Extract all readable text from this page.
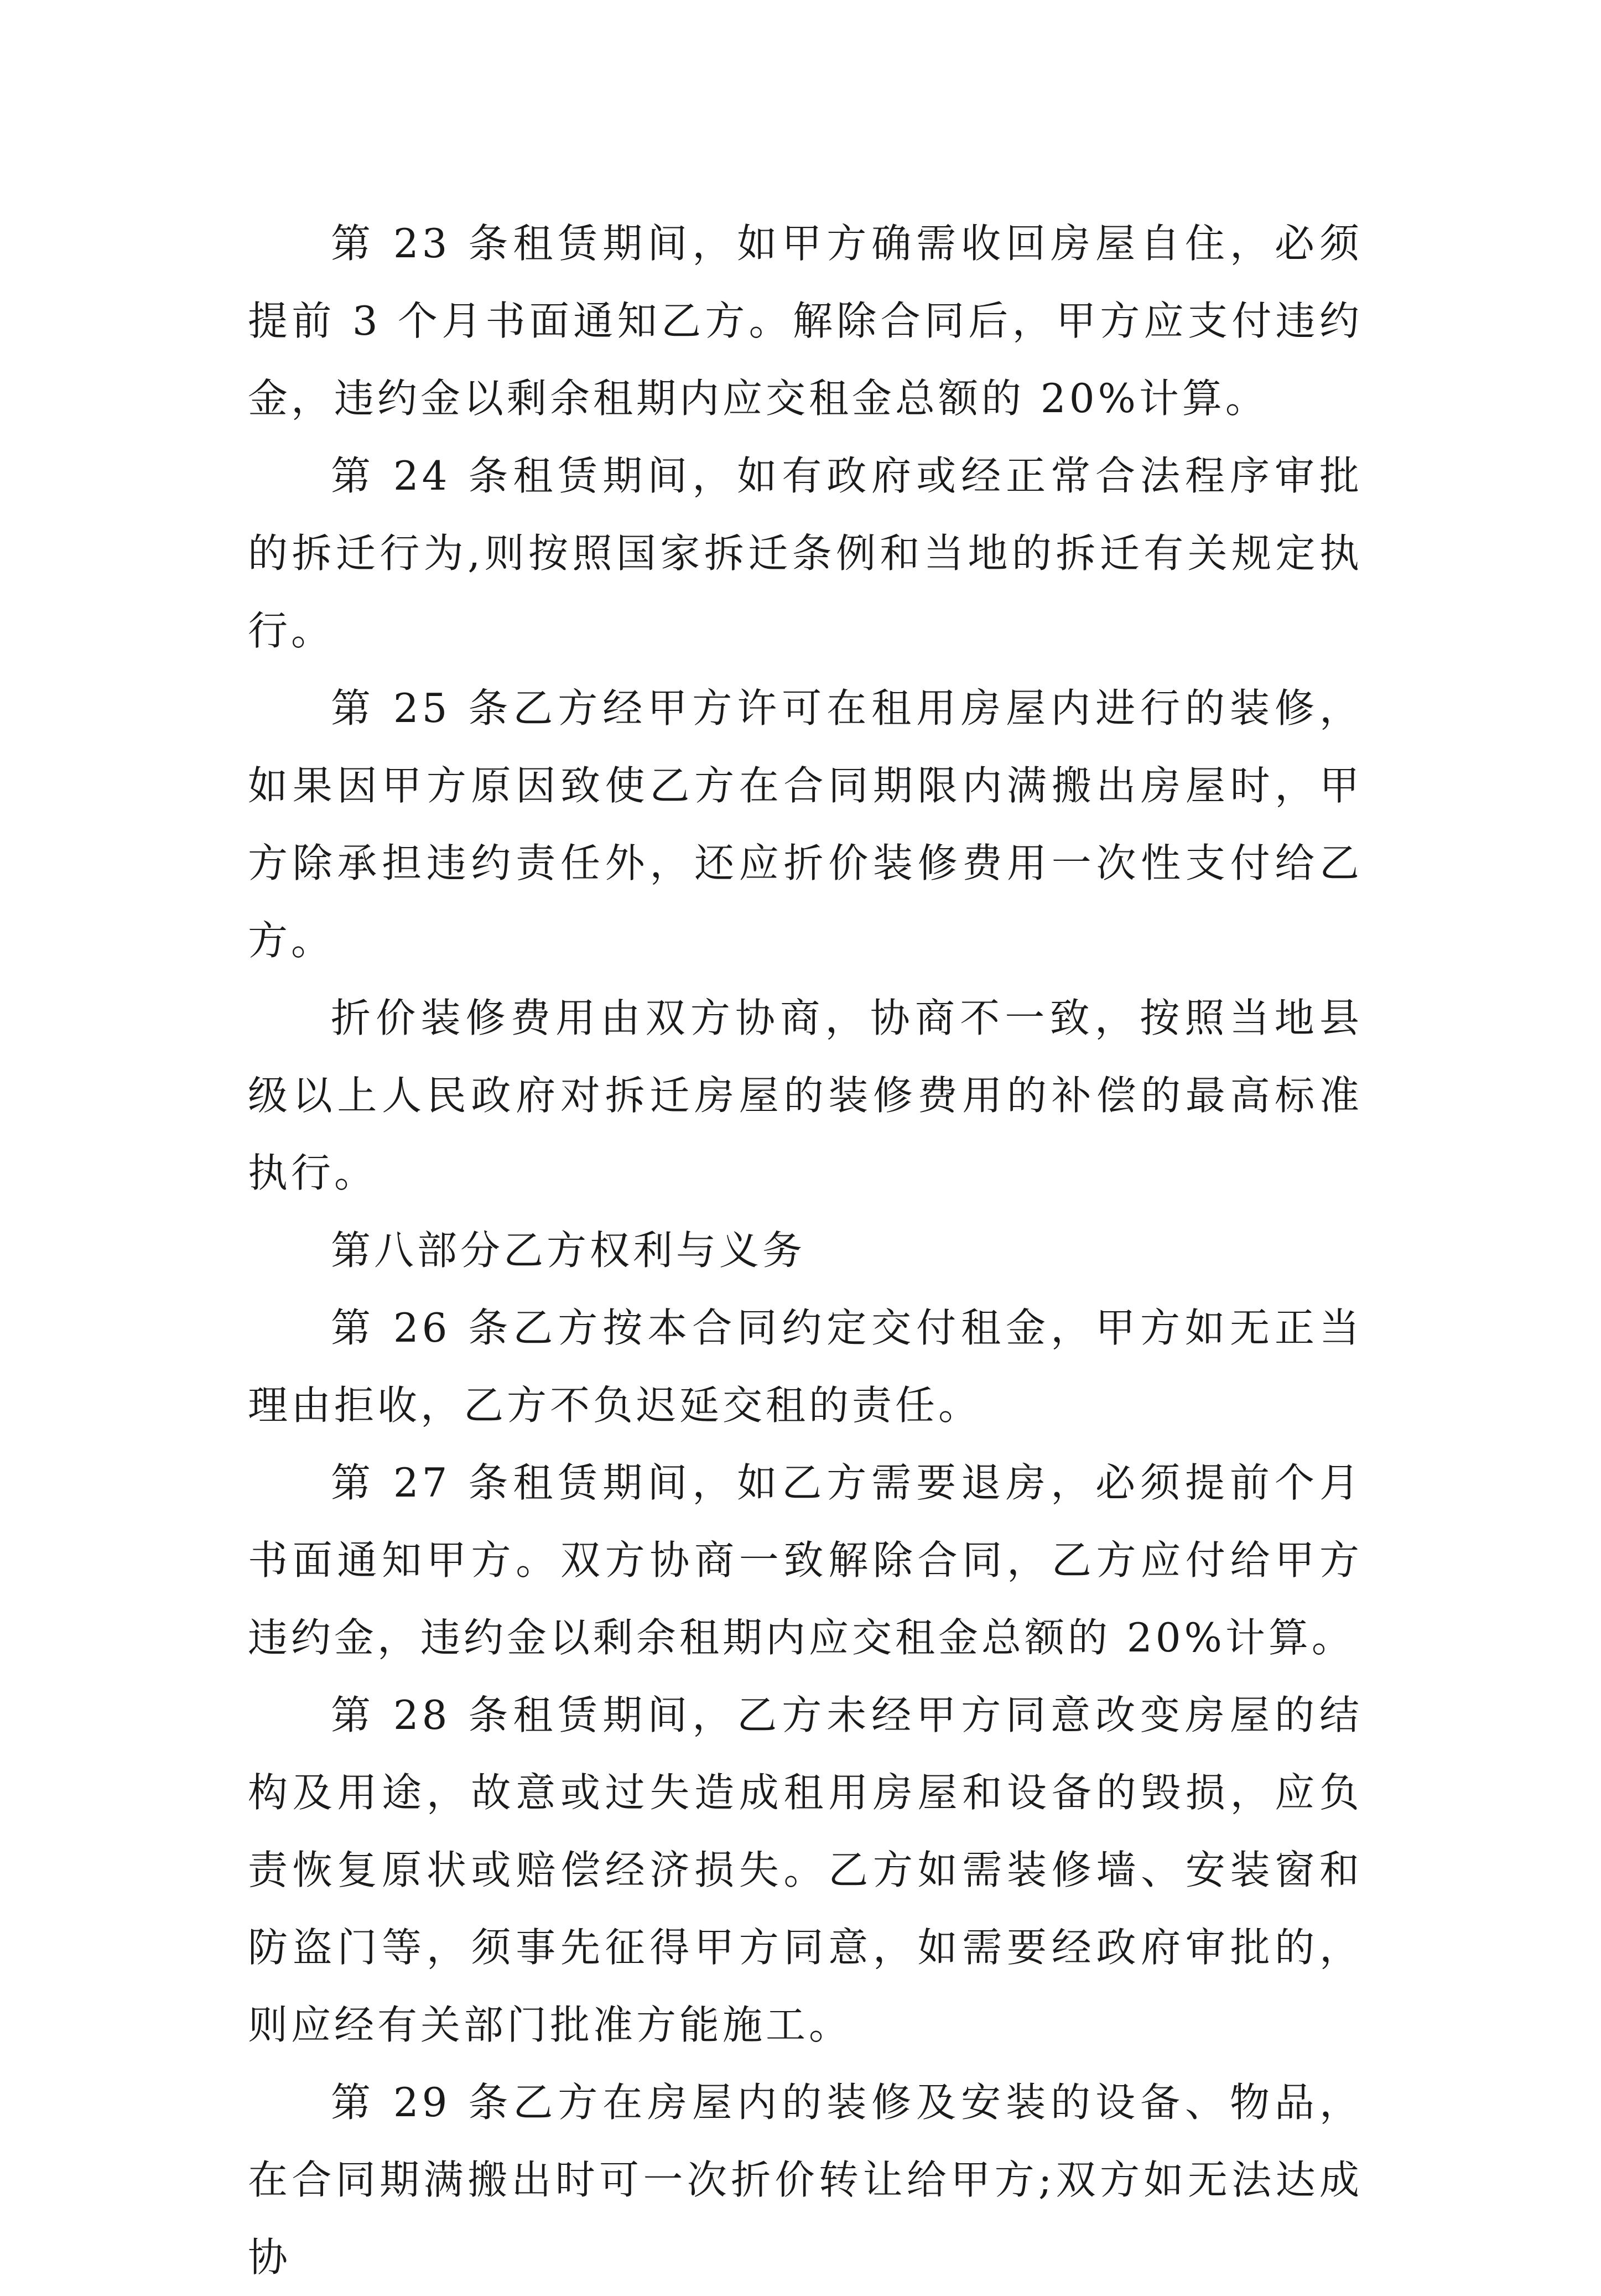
第 23 条租赁期间，如甲方确需收回房屋自住，必须提前 3 个月书面通知乙方。解除合同后，甲方应支付违约金，违约金以剩余租期内应交租金总额的 20%计算。

第 24 条租赁期间，如有政府或经正常合法程序审批的拆迁行为,则按照国家拆迁条例和当地的拆迁有关规定执行。

第 25 条乙方经甲方许可在租用房屋内进行的装修，如果因甲方原因致使乙方在合同期限内满搬出房屋时，甲方除承担违约责任外，还应折价装修费用一次性支付给乙方。

折价装修费用由双方协商，协商不一致，按照当地县级以上人民政府对拆迁房屋的装修费用的补偿的最高标准执行。

第八部分乙方权利与义务

第 26 条乙方按本合同约定交付租金，甲方如无正当理由拒收，乙方不负迟延交租的责任。

第 27 条租赁期间，如乙方需要退房，必须提前个月书面通知甲方。双方协商一致解除合同，乙方应付给甲方违约金，违约金以剩余租期内应交租金总额的 20%计算。

第 28 条租赁期间，乙方未经甲方同意改变房屋的结构及用途，故意或过失造成租用房屋和设备的毁损，应负责恢复原状或赔偿经济损失。乙方如需装修墙、安装窗和防盗门等，须事先征得甲方同意，如需要经政府审批的，则应经有关部门批准方能施工。

第 29 条乙方在房屋内的装修及安装的设备、物品，在合同期满搬出时可一次折价转让给甲方;双方如无法达成协
